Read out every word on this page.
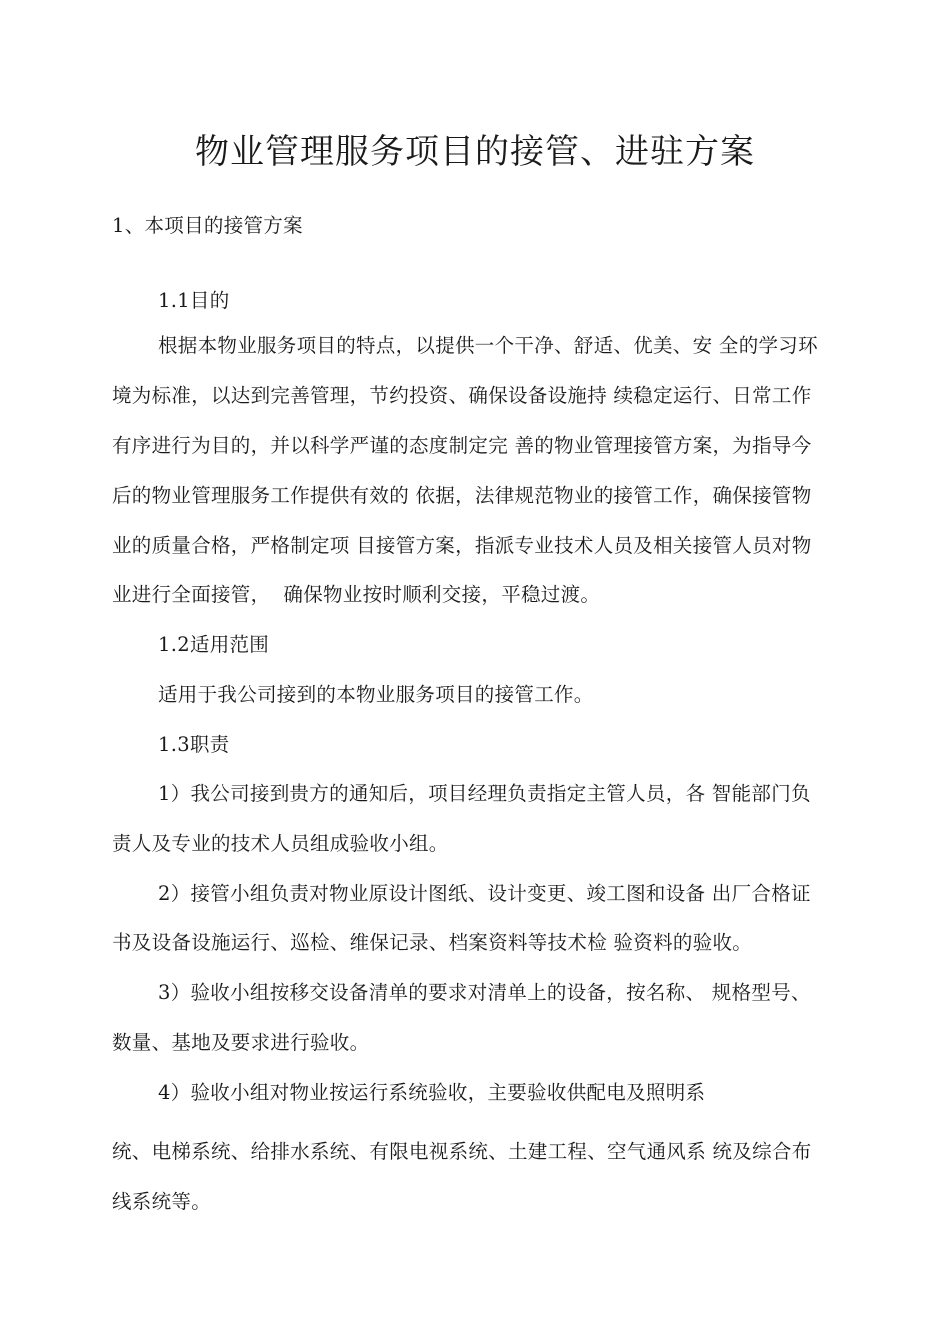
物业管理服务项目的接管、进驻方案
1、本项目的接管方案
1.1目的
根据本物业服务项目的特点，以提供一个干净、舒适、优美、安 全的学习环
境为标准，以达到完善管理，节约投资、确保设备设施持 续稳定运行、日常工作
有序进行为目的，并以科学严谨的态度制定完 善的物业管理接管方案，为指导今
后的物业管理服务工作提供有效的 依据，法律规范物业的接管工作，确保接管物
业的质量合格，严格制定项 目接管方案，指派专业技术人员及相关接管人员对物
业进行全面接管，  确保物业按时顺利交接，平稳过渡。
1.2适用范围
适用于我公司接到的本物业服务项目的接管工作。
1.3职责
1）我公司接到贵方的通知后，项目经理负责指定主管人员，各 智能部门负
责人及专业的技术人员组成验收小组。
2）接管小组负责对物业原设计图纸、设计变更、竣工图和设备 出厂合格证
书及设备设施运行、巡检、维保记录、档案资料等技术检 验资料的验收。
3）验收小组按移交设备清单的要求对清单上的设备，按名称、 规格型号、
数量、基地及要求进行验收。
4）验收小组对物业按运行系统验收，主要验收供配电及照明系
统、电梯系统、给排水系统、有限电视系统、土建工程、空气通风系 统及综合布
线系统等。
